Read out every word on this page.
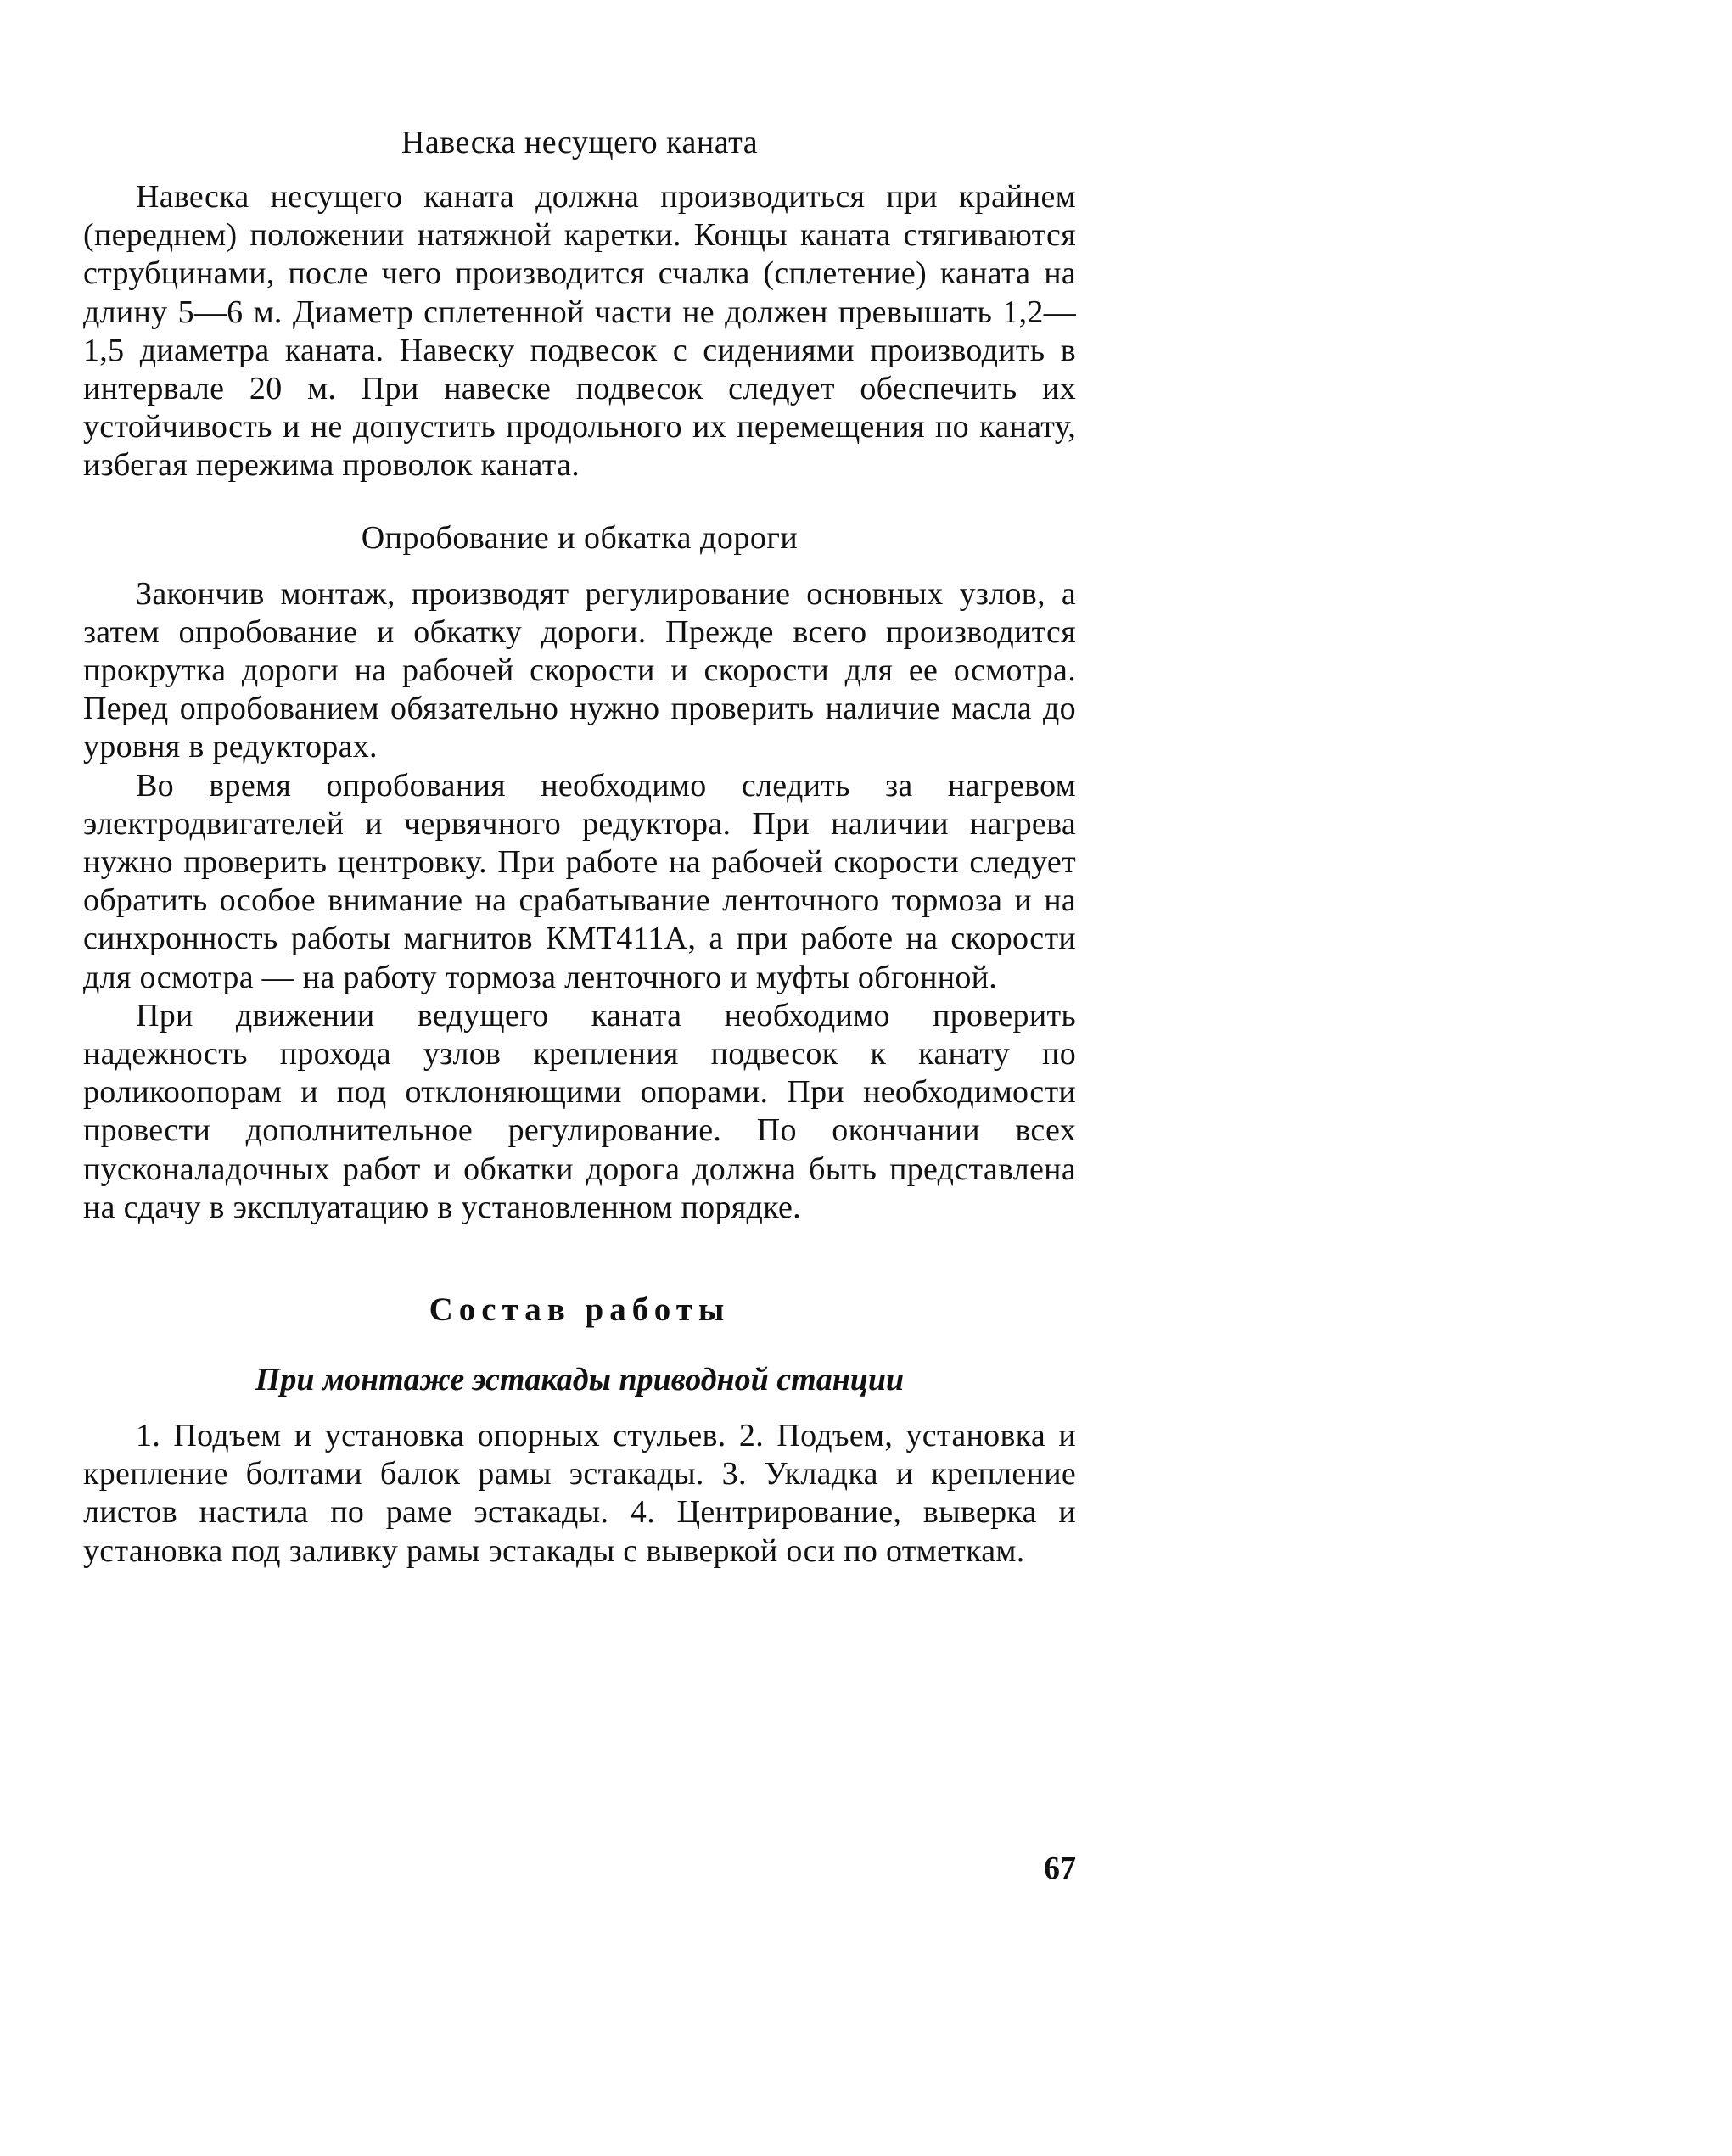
Навеска несущего каната

Навеска несущего каната должна производиться при крайнем (переднем) положении натяжной каретки. Концы каната стягиваются струбцинами, после чего производится счалка (сплетение) каната на длину 5—6 м. Диаметр сплетенной части не должен превышать 1,2—1,5 диаметра каната. Навеску подвесок с сидениями производить в интервале 20 м. При навеске подвесок следует обеспечить их устойчивость и не допустить продольного их перемещения по канату, избегая пережима проволок каната.

Опробование и обкатка дороги

Закончив монтаж, производят регулирование основных узлов, а затем опробование и обкатку дороги. Прежде всего производится прокрутка дороги на рабочей скорости и скорости для ее осмотра. Перед опробованием обязательно нужно проверить наличие масла до уровня в редукторах.

Во время опробования необходимо следить за нагревом электродвигателей и червячного редуктора. При наличии нагрева нужно проверить центровку. При работе на рабочей скорости следует обратить особое внимание на срабатывание ленточного тормоза и на синхронность работы магнитов КМТ411А, а при работе на скорости для осмотра — на работу тормоза ленточного и муфты обгонной.

При движении ведущего каната необходимо проверить надежность прохода узлов крепления подвесок к канату по роликоопорам и под отклоняющими опорами. При необходимости провести дополнительное регулирование. По окончании всех пусконаладочных работ и обкатки дорога должна быть представлена на сдачу в эксплуатацию в установленном порядке.

Состав работы
При монтаже эстакады приводной станции

1. Подъем и установка опорных стульев. 2. Подъем, установка и крепление болтами балок рамы эстакады. 3. Укладка и крепление листов настила по раме эстакады. 4. Центрирование, выверка и установка под заливку рамы эстакады с выверкой оси по отметкам.

67
